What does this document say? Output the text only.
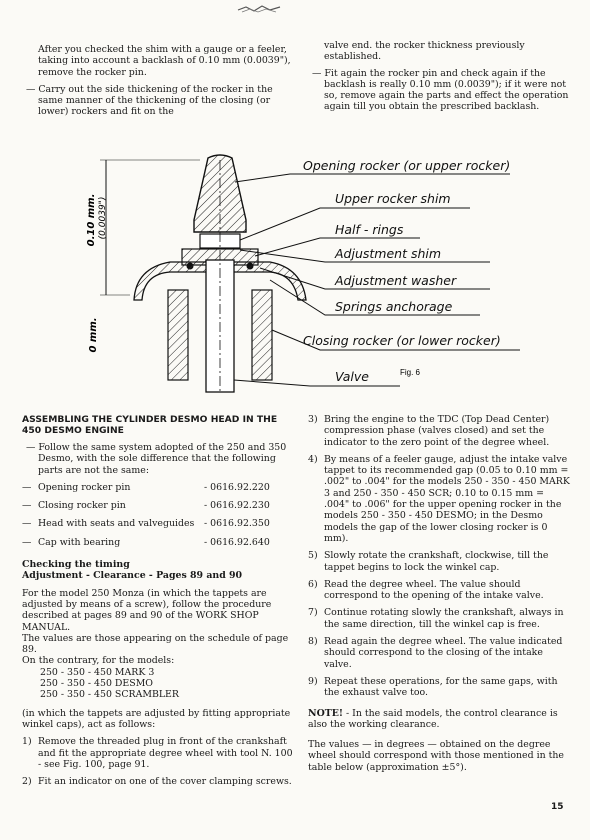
After you checked the shim with a gauge or a feeler, taking into account a backlash of 0.10 mm (0.0039"), remove the rocker pin.

— Carry out the side thickening of the rocker in the same manner of the thickening of the closing (or lower) rockers and fit on the

valve end. the rocker thickness previously established.

— Fit again the rocker pin and check again if the backlash is really 0.10 mm (0.0039"); if it were not so, remove again the parts and effect the operation again till you obtain the prescribed backlash.

0.10 mm. (0.0039")
0 mm.
Opening rocker (or upper rocker)
Upper rocker shim
Half - rings
Adjustment shim
Adjustment washer
Springs anchorage
Closing rocker (or lower rocker)
Valve	Fig. 6

ASSEMBLING THE CYLINDER DESMO HEAD IN THE 450 DESMO ENGINE

— Follow the same system adopted of the 250 and 350 Desmo, with the sole difference that the following parts are not the same:

— Opening rocker pin	- 0616.92.220

— Closing rocker pin	- 0616.92.230

— Head with seats and valveguides - 0616.92.350

— Cap with bearing	- 0616.92.640

Checking the timing

Adjustment - Clearance - Pages 89 and 90

For the model 250 Monza (in which the tappets are adjusted by means of a screw), follow the procedure described at pages 89 and 90 of the WORK SHOP MANUAL.

The values are those appearing on the schedule of page 89.

On the contrary, for the models:

250 - 350 - 450 MARK 3

250 - 350 - 450 DESMO

250 - 350 - 450 SCRAMBLER

(in which the tappets are adjusted by fitting appropriate winkel caps), act as follows:

1) Remove the threaded plug in front of the crankshaft and fit the appropriate degree wheel with tool N. 100 - see Fig. 100, page 91.
2) Fit an indicator on one of the cover clamping screws.
3) Bring the engine to the TDC (Top Dead Center) compression phase (valves closed) and set the indicator to the zero point of the degree wheel.
4) By means of a feeler gauge, adjust the intake valve tappet to its recommended gap (0.05 to 0.10 mm = .002" to .004" for the models 250 - 350 - 450 MARK 3 and 250 - 350 - 450 SCR; 0.10 to 0.15 mm = .004" to .006" for the upper opening rocker in the models 250 - 350 - 450 DESMO; in the Desmo models the gap of the lower closing rocker is 0 mm).
5) Slowly rotate the crankshaft, clockwise, till the tappet begins to lock the winkel cap.
6) Read the degree wheel. The value should correspond to the opening of the intake valve.
7) Continue rotating slowly the crankshaft, always in the same direction, till the winkel cap is free.
8) Read again the degree wheel. The value indicated should correspond to the closing of the intake valve.
9) Repeat these operations, for the same gaps, with the exhaust valve too.

NOTE! - In the said models, the control clearance is also the working clearance.

The values — in degrees — obtained on the degree wheel should correspond with those mentioned in the table below (approximation ±5°).

15
